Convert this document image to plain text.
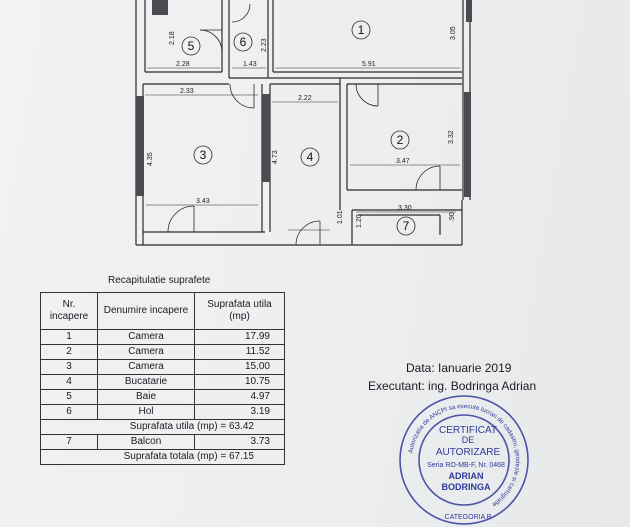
1
2
3	4
5	6
7
2.18
2.28	1.43
2.23
5.91
3.05
2.33
2.22
4.35	4.73
3.32
3.47
3.43
1.01 1.20
3.30
.90
Recapitulatie suprafete
Nr. incapere	Denumire incapere	Suprafata utila (mp)
1	Camera	17.99
2	Camera	11.52
3	Camera	15.00
4	Bucatarie	10.75
5	Baie	4.97
6	Hol	3.19
Suprafata utila (mp) = 63.42		
7	Balcon	3.73
Suprafata totala (mp) = 67.15		
Data: Ianuarie 2019
Executant: ing. Bodringa Adrian
Autorizatia de ANCPI sa execute lucrari de cadastru, geodezie si cartografie
CERTIFICAT
DE
AUTORIZARE
Seria RO-MB-F, Nr. 0468
ADRIAN
BODRINGA
CATEGORIA B
